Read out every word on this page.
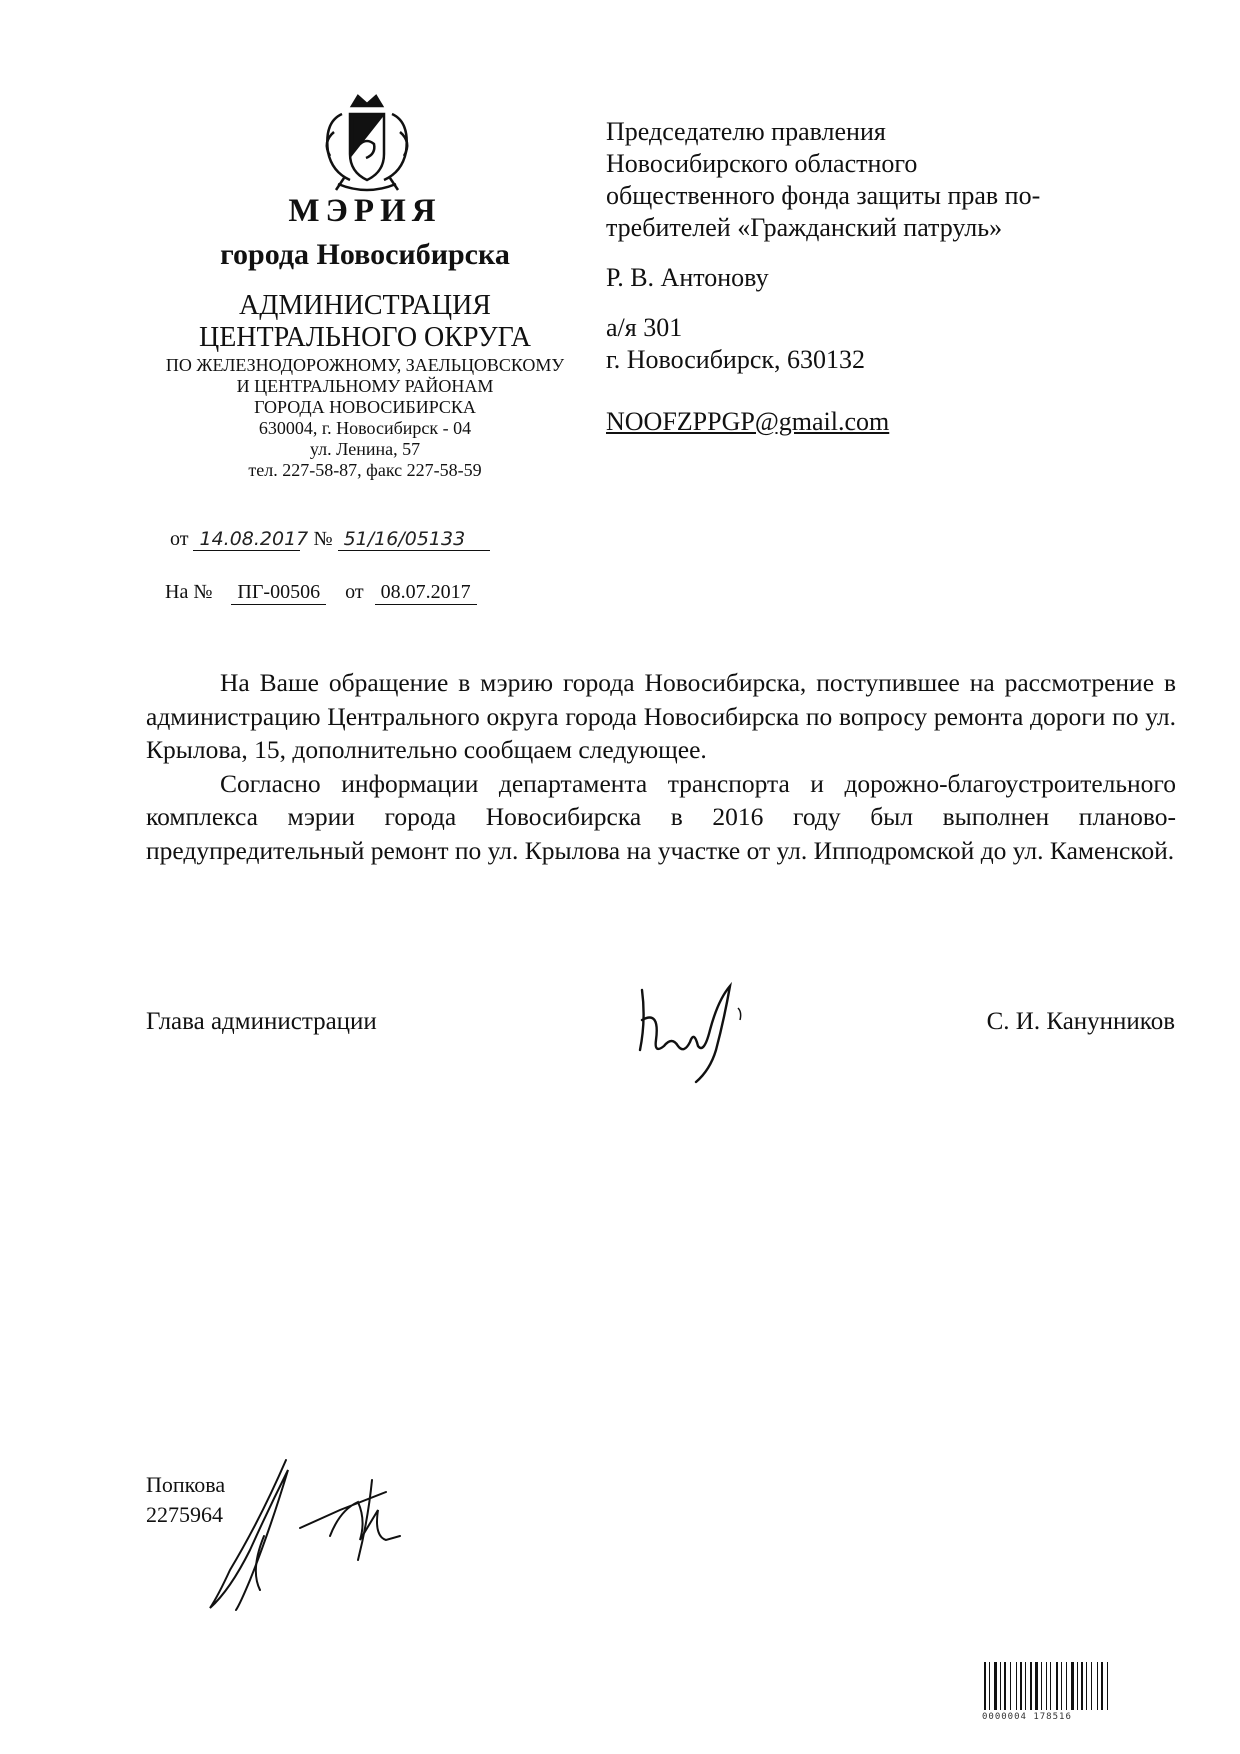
МЭРИЯ
города Новосибирска
АДМИНИСТРАЦИЯ
ЦЕНТРАЛЬНОГО ОКРУГА
ПО ЖЕЛЕЗНОДОРОЖНОМУ, ЗАЕЛЬЦОВСКОМУ
И ЦЕНТРАЛЬНОМУ РАЙОНАМ
ГОРОДА НОВОСИБИРСКА
630004, г. Новосибирск - 04
ул. Ленина, 57
тел. 227-58-87, факс 227-58-59
Председателю правления
Новосибирского областного
общественного фонда защиты прав по-
требителей «Гражданский патруль»
Р. В. Антонову
а/я 301
г. Новосибирск, 630132
NOOFZPPGP@gmail.com
от 14.08.2017 № 51/16/05133
На № ПГ-00506 от 08.07.2017

На Ваше обращение в мэрию города Новосибирска, поступившее на рассмотрение в администрацию Центрального округа города Новосибирска по вопросу ремонта дороги по ул. Крылова, 15, дополнительно сообщаем следующее.

Согласно информации департамента транспорта и дорожно-благоустроительного комплекса мэрии города Новосибирска в 2016 году был выполнен планово-предупредительный ремонт по ул. Крылова на участке от ул. Ипподромской до ул. Каменской.

Глава администрации	С. И. Канунников
Попкова
2275964
0000004 178516
